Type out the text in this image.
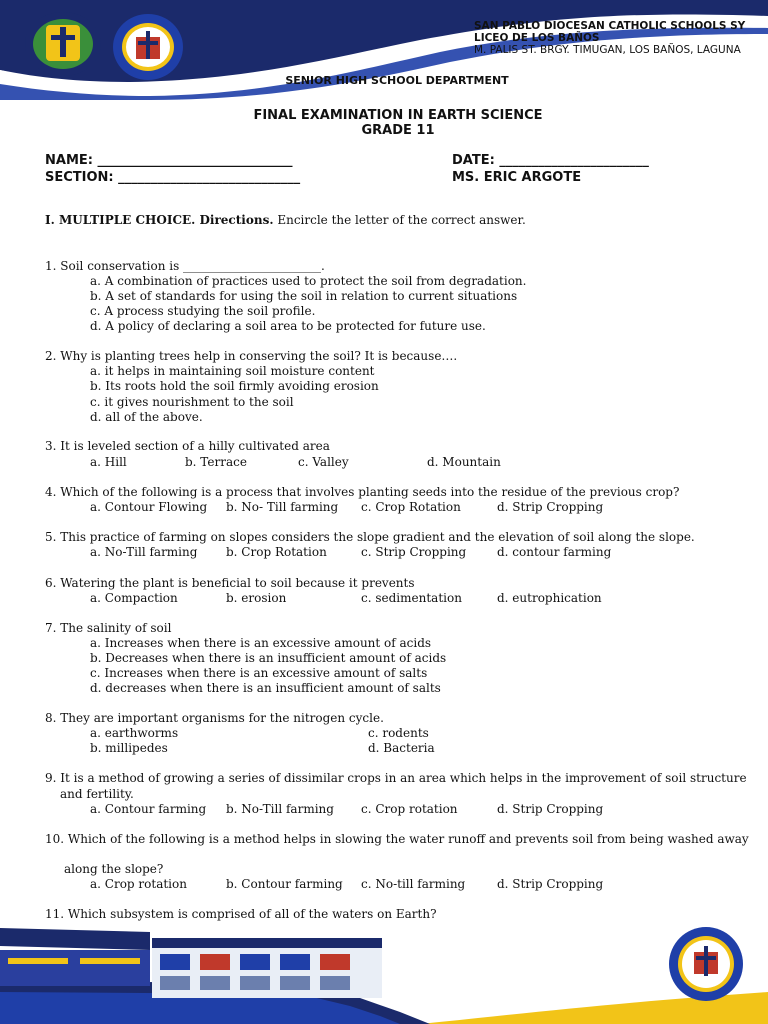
SAN PABLO DIOCESAN CATHOLIC SCHOOLS SY
LICEO DE LOS BAÑOS
M. PALIS ST. BRGY. TIMUGAN, LOS BAÑOS, LAGUNA
SENIOR HIGH SCHOOL DEPARTMENT
FINAL EXAMINATION IN EARTH SCIENCE
GRADE 11
NAME: ______________________________	DATE: _______________________
SECTION: ____________________________	MS. ERIC ARGOTE
I. MULTIPLE CHOICE. Directions. Encircle the letter of the correct answer.
1. Soil conservation is _______________________.
a. A combination of practices used to protect the soil from degradation.
b. A set of standards for using the soil in relation to current situations
c. A process studying the soil profile.
d. A policy of declaring a soil area to be protected for future use.
2. Why is planting trees help in conserving the soil? It is because….
a. it helps in maintaining soil moisture content
b. Its roots hold the soil firmly avoiding erosion
c. it gives nourishment to the soil
d. all of the above.
3. It is leveled section of a hilly cultivated area
a. Hill	b. Terrace	c. Valley	d. Mountain
4. Which of the following is a process that involves planting seeds into the residue of the previous crop?
a. Contour Flowing b. No- Till farming c. Crop Rotation	d. Strip Cropping
5. This practice of farming on slopes considers the slope gradient and the elevation of soil along the slope.
a. No-Till farming b. Crop Rotation	c. Strip Cropping	d. contour farming
6. Watering the plant is beneficial to soil because it prevents
a. Compaction	b. erosion	c. sedimentation	d. eutrophication
7. The salinity of soil
a. Increases when there is an excessive amount of acids
b. Decreases when there is an insufficient amount of acids
c. Increases when there is an excessive amount of salts
d. decreases when there is an insufficient amount of salts
8. They are important organisms for the nitrogen cycle.
a. earthworms	c. rodents
b. millipedes	d. Bacteria
9. It is a method of growing a series of dissimilar crops in an area which helps in the improvement of soil structure
and fertility.
a. Contour farming b. No-Till farming c. Crop rotation	d. Strip Cropping
10. Which of the following is a method helps in slowing the water runoff and prevents soil from being washed away
along the slope?
a. Crop rotation	b. Contour farming c. No-till farming	d. Strip Cropping
11. Which subsystem is comprised of all of the waters on Earth?
